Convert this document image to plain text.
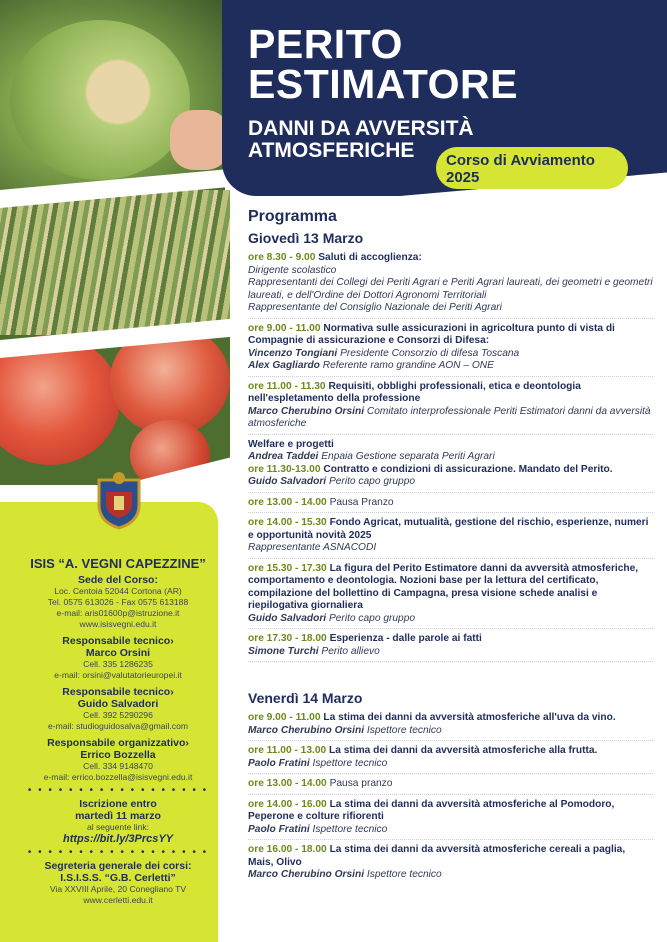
PERITO
ESTIMATORE
DANNI DA AVVERSITÀ
ATMOSFERICHE	Corso di Avviamento
2025
Programma
Giovedì 13 Marzo
ore 8.30 - 9.00 Saluti di accoglienza:
Dirigente scolastico
Rappresentanti dei Collegi dei Periti Agrari e Periti Agrari laureati, dei geometri e geometri laureati, e dell'Ordine dei Dottori Agronomi Territoriali
Rappresentante del Consiglio Nazionale dei Periti Agrari
ore 9.00 - 11.00 Normativa sulle assicurazioni in agricoltura punto di vista di Compagnie di assicurazione e Consorzi di Difesa:
Vincenzo Tongiani Presidente Consorzio di difesa Toscana
Alex Gagliardo Referente ramo grandine AON – ONE
ore 11.00 - 11.30 Requisiti, obblighi professionali, etica e deontologia nell'espletamento della professione
Marco Cherubino Orsini Comitato interprofessionale Periti Estimatori danni da avversità atmosferiche
Welfare e progetti
Andrea Taddei Enpaia Gestione separata Periti Agrari
ore 11.30-13.00 Contratto e condizioni di assicurazione. Mandato del Perito.
Guido Salvadori Perito capo gruppo
ore 13.00 - 14.00 Pausa Pranzo
ore 14.00 - 15.30 Fondo Agricat, mutualità, gestione del rischio, esperienze, numeri e opportunità novità 2025
Rappresentante ASNACODI
ore 15.30 - 17.30 La figura del Perito Estimatore danni da avversità atmosferiche, comportamento e deontologia. Nozioni base per la lettura del certificato, compilazione del bollettino di Campagna, presa visione schede analisi e riepilogativa giornaliera
Guido Salvadori Perito capo gruppo
ore 17.30 - 18.00 Esperienza - dalle parole ai fatti
Simone Turchi Perito allievo
Venerdì 14 Marzo
ore 9.00 - 11.00 La stima dei danni da avversità atmosferiche all'uva da vino.
Marco Cherubino Orsini Ispettore tecnico
ore 11.00 - 13.00 La stima dei danni da avversità atmosferiche alla frutta.
Paolo Fratini Ispettore tecnico
ore 13.00 - 14.00 Pausa pranzo
ore 14.00 - 16.00 La stima dei danni da avversità atmosferiche al Pomodoro, Peperone e colture rifiorenti
Paolo Fratini Ispettore tecnico
ore 16.00 - 18.00 La stima dei danni da avversità atmosferiche cereali a paglia, Mais, Olivo
Marco Cherubino Orsini Ispettore tecnico
ISIS “A. VEGNI CAPEZZINE”
Sede del Corso:
Loc. Centoia 52044 Cortona (AR)
Tel. 0575 613026 - Fax 0575 613188
e-mail: aris01600p@istruzione.it
www.isisvegni.edu.it
Responsabile tecnico›
Marco Orsini
Cell. 335 1286235
e-mail: orsini@valutatorieuropei.it
Responsabile tecnico›
Guido Salvadori
Cell. 392 5290296
e-mail: studioguidosalva@gmail.com
Responsabile organizzativo›
Errico Bozzella
Cell. 334 9148470
e-mail: errico.bozzella@isisvegni.edu.it
• • • • • • • • • • • • • • • • • •
Iscrizione entro
martedì 11 marzo
al seguente link:
https://bit.ly/3PrcsYY
• • • • • • • • • • • • • • • • • •
Segreteria generale dei corsi:
I.S.I.S.S. “G.B. Cerletti”
Via XXVIII Aprile, 20 Conegliano TV
www.cerletti.edu.it
